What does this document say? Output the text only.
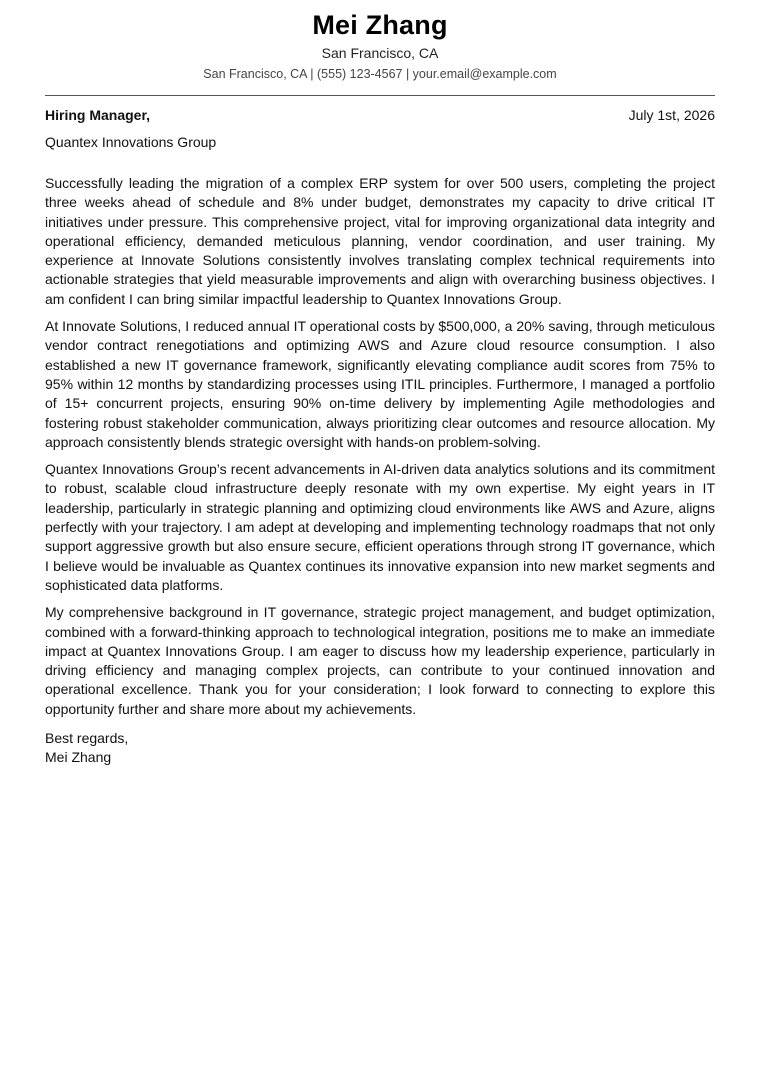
Mei Zhang
San Francisco, CA
San Francisco, CA | (555) 123-4567 | your.email@example.com
Hiring Manager,	July 1st, 2026
Quantex Innovations Group

Successfully leading the migration of a complex ERP system for over 500 users, completing the project three weeks ahead of schedule and 8% under budget, demonstrates my capacity to drive critical IT initiatives under pressure. This comprehensive project, vital for improving organizational data integrity and operational efficiency, demanded meticulous planning, vendor coordination, and user training. My experience at Innovate Solutions consistently involves translating complex technical requirements into actionable strategies that yield measurable improvements and align with overarching business objectives. I am confident I can bring similar impactful leadership to Quantex Innovations Group.

At Innovate Solutions, I reduced annual IT operational costs by $500,000, a 20% saving, through meticulous vendor contract renegotiations and optimizing AWS and Azure cloud resource consumption. I also established a new IT governance framework, significantly elevating compliance audit scores from 75% to 95% within 12 months by standardizing processes using ITIL principles. Furthermore, I managed a portfolio of 15+ concurrent projects, ensuring 90% on-time delivery by implementing Agile methodologies and fostering robust stakeholder communication, always prioritizing clear outcomes and resource allocation. My approach consistently blends strategic oversight with hands-on problem-solving.

Quantex Innovations Group’s recent advancements in AI-driven data analytics solutions and its commitment to robust, scalable cloud infrastructure deeply resonate with my own expertise. My eight years in IT leadership, particularly in strategic planning and optimizing cloud environments like AWS and Azure, aligns perfectly with your trajectory. I am adept at developing and implementing technology roadmaps that not only support aggressive growth but also ensure secure, efficient operations through strong IT governance, which I believe would be invaluable as Quantex continues its innovative expansion into new market segments and sophisticated data platforms.

My comprehensive background in IT governance, strategic project management, and budget optimization, combined with a forward-thinking approach to technological integration, positions me to make an immediate impact at Quantex Innovations Group. I am eager to discuss how my leadership experience, particularly in driving efficiency and managing complex projects, can contribute to your continued innovation and operational excellence. Thank you for your consideration; I look forward to connecting to explore this opportunity further and share more about my achievements.

Best regards,
Mei Zhang
